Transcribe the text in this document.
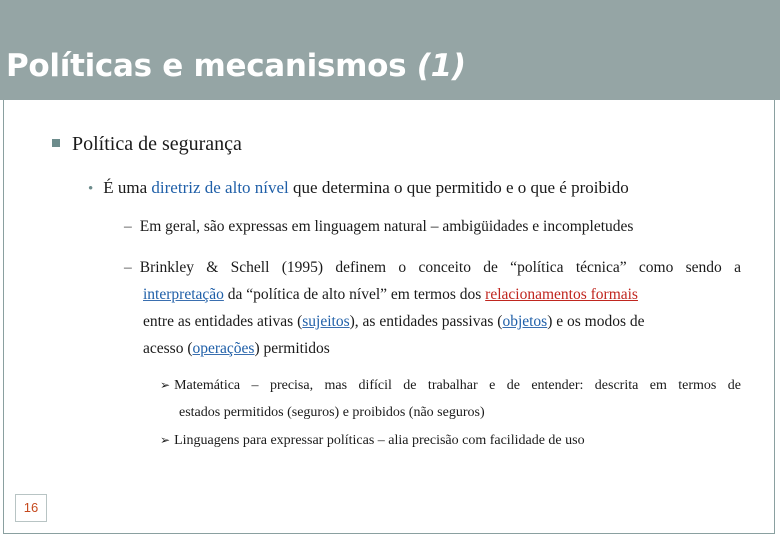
Políticas e mecanismos (1)
Política de segurança
• É uma diretriz de alto nível que determina o que permitido e o que é proibido
– Em geral, são expressas em linguagem natural – ambigüidades e incompletudes
– Brinkley & Schell (1995) definem o conceito de “política técnica” como sendo a
interpretação da “política de alto nível” em termos dos relacionamentos formais
entre as entidades ativas (sujeitos), as entidades passivas (objetos) e os modos de
acesso (operações) permitidos
➢ Matemática – precisa, mas difícil de trabalhar e de entender: descrita em termos de
estados permitidos (seguros) e proibidos (não seguros)
➢ Linguagens para expressar políticas – alia precisão com facilidade de uso
16
